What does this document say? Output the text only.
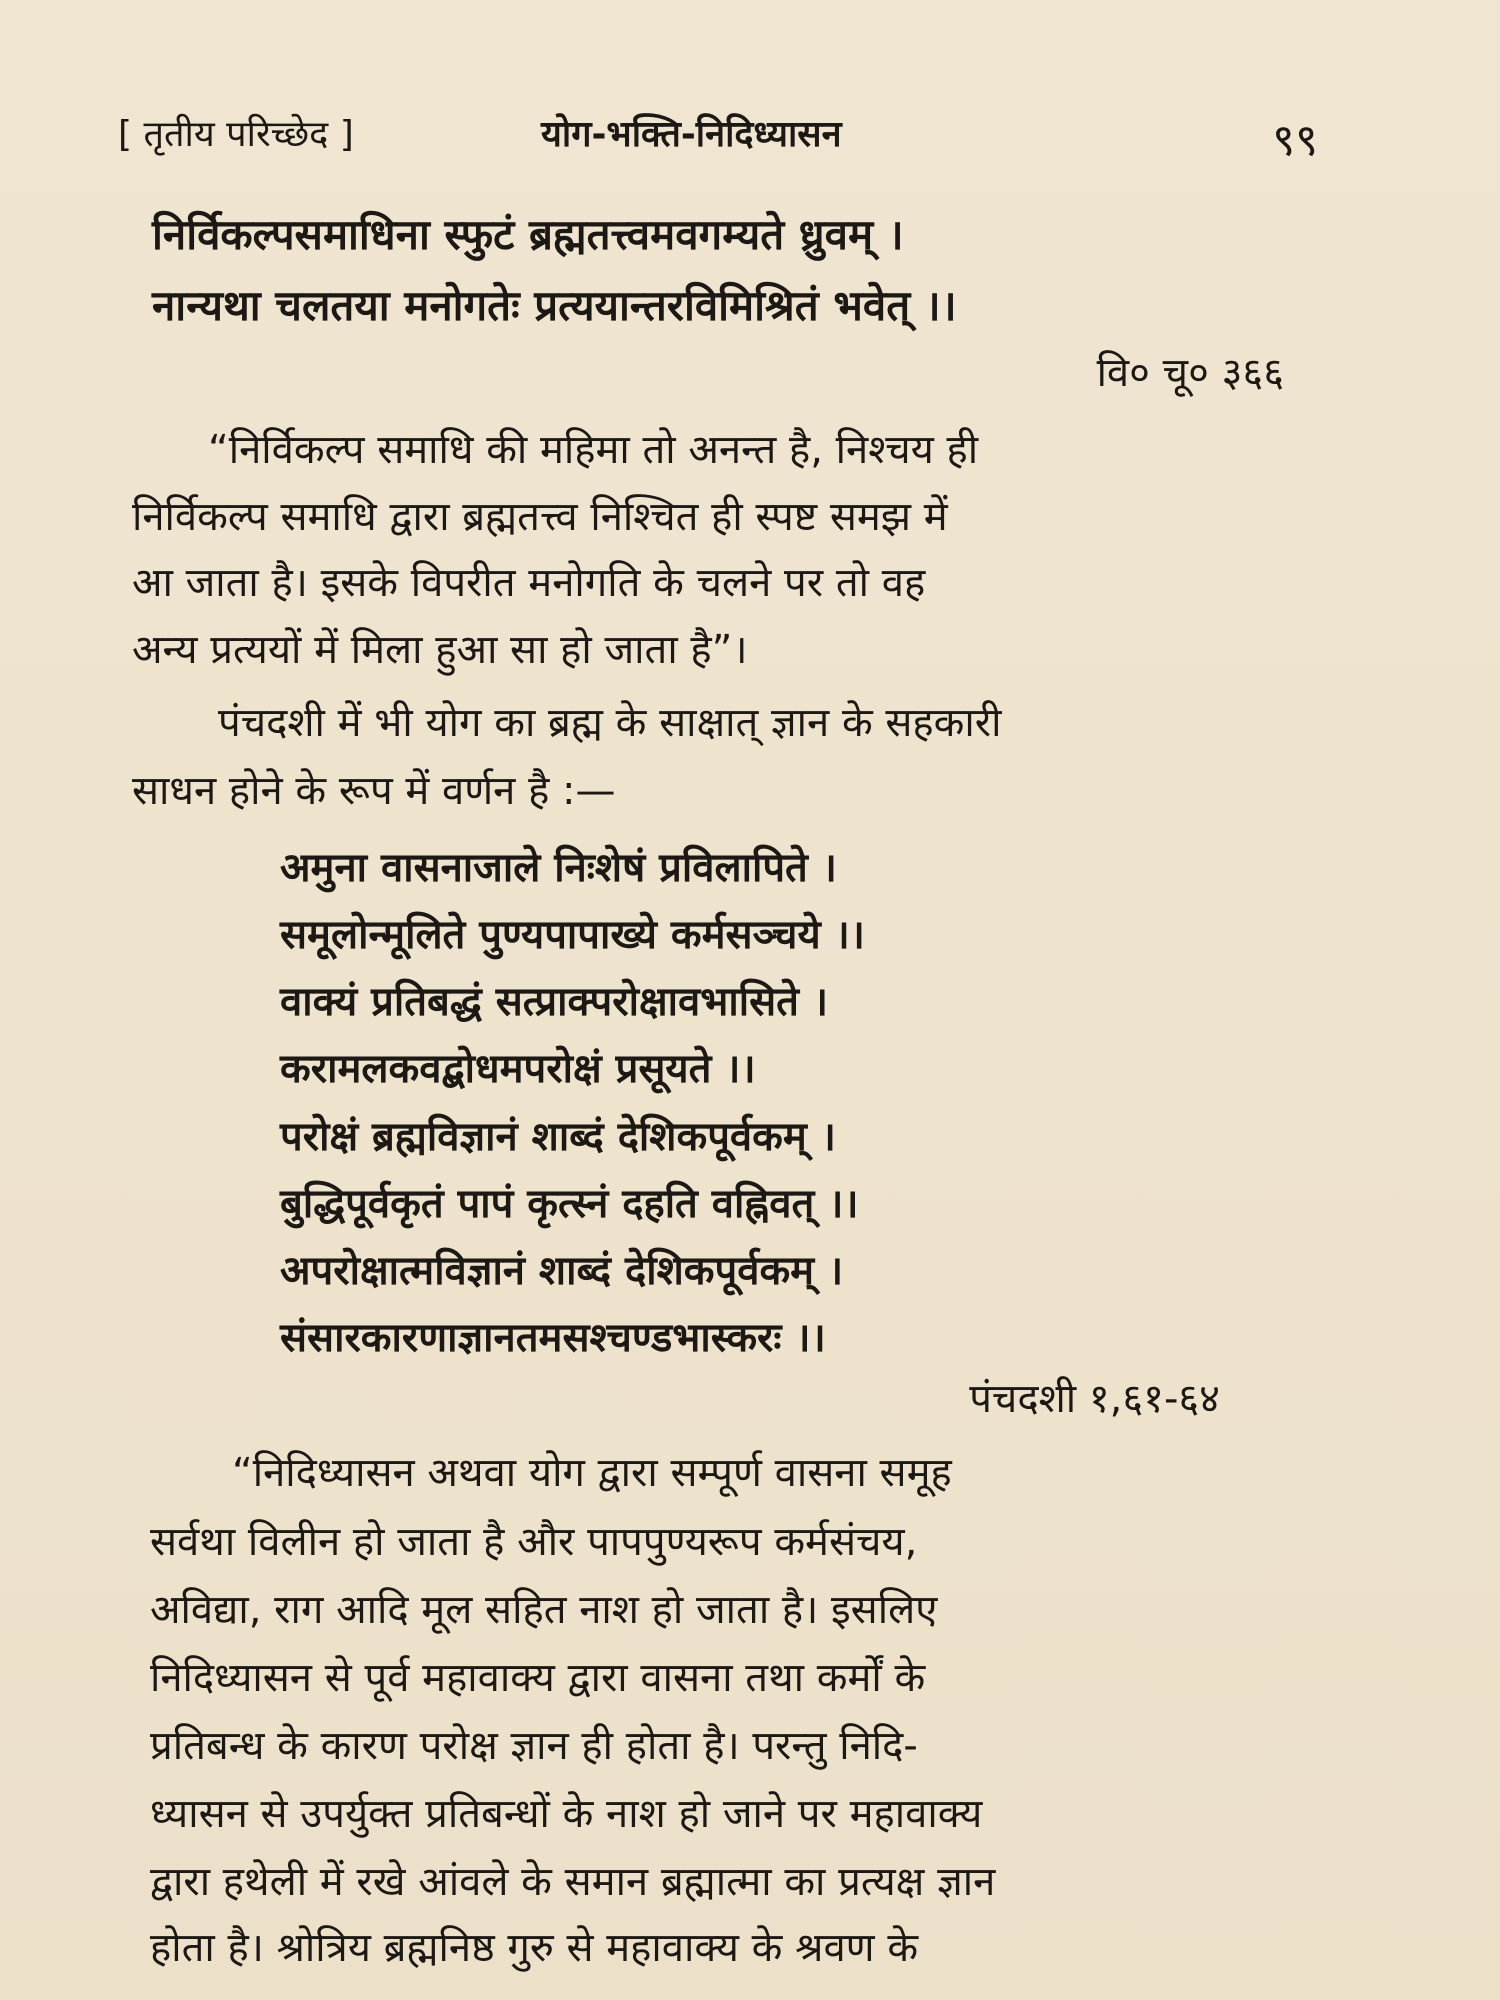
[ तृतीय परिच्छेद ]	योग-भक्ति-निदिध्यासन	९९
निर्विकल्पसमाधिना स्फुटं ब्रह्मतत्त्वमवगम्यते ध्रुवम् ।
नान्यथा चलतया मनोगतेः प्रत्ययान्तरविमिश्रितं भवेत् ।।
वि० चू० ३६६
“निर्विकल्प समाधि की महिमा तो अनन्त है, निश्चय ही
निर्विकल्प समाधि द्वारा ब्रह्मतत्त्व निश्चित ही स्पष्ट समझ में
आ जाता है। इसके विपरीत मनोगति के चलने पर तो वह
अन्य प्रत्ययों में मिला हुआ सा हो जाता है”।
पंचदशी में भी योग का ब्रह्म के साक्षात् ज्ञान के सहकारी
साधन होने के रूप में वर्णन है :—
अमुना वासनाजाले निःशेषं प्रविलापिते ।
समूलोन्मूलिते पुण्यपापाख्ये कर्मसञ्चये ।।
वाक्यं प्रतिबद्धं सत्प्राक्परोक्षावभासिते ।
करामलकवद्बोधमपरोक्षं प्रसूयते ।।
परोक्षं ब्रह्मविज्ञानं शाब्दं देशिकपूर्वकम् ।
बुद्धिपूर्वकृतं पापं कृत्स्नं दहति वह्निवत् ।।
अपरोक्षात्मविज्ञानं शाब्दं देशिकपूर्वकम् ।
संसारकारणाज्ञानतमसश्चण्डभास्करः ।।
पंचदशी १,६१-६४
“निदिध्यासन अथवा योग द्वारा सम्पूर्ण वासना समूह
सर्वथा विलीन हो जाता है और पापपुण्यरूप कर्मसंचय,
अविद्या, राग आदि मूल सहित नाश हो जाता है। इसलिए
निदिध्यासन से पूर्व महावाक्य द्वारा वासना तथा कर्मों के
प्रतिबन्ध के कारण परोक्ष ज्ञान ही होता है। परन्तु निदि-
ध्यासन से उपर्युक्त प्रतिबन्धों के नाश हो जाने पर महावाक्य
द्वारा हथेली में रखे आंवले के समान ब्रह्मात्मा का प्रत्यक्ष ज्ञान
होता है। श्रोत्रिय ब्रह्मनिष्ठ गुरु से महावाक्य के श्रवण के
